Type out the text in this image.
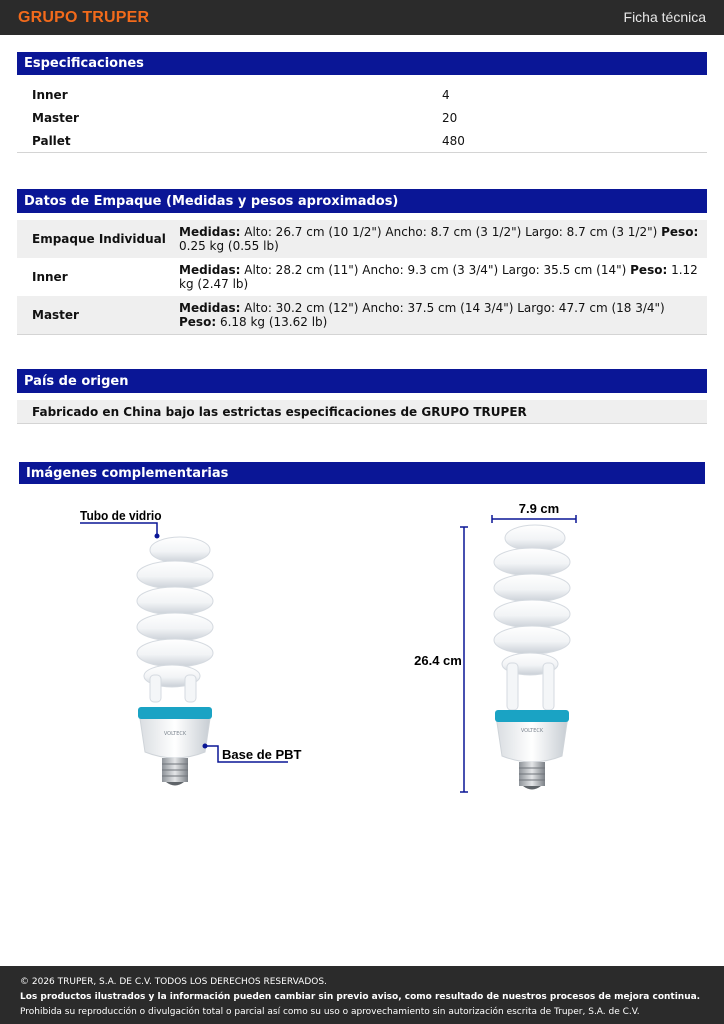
GRUPO TRUPER	Ficha técnica
Especificaciones
Inner	4
Master	20
Pallet	480
Datos de Empaque (Medidas y pesos aproximados)
Empaque Individual	Medidas: Alto: 26.7 cm (10 1/2") Ancho: 8.7 cm (3 1/2") Largo: 8.7 cm (3 1/2") Peso: 0.25 kg (0.55 lb)
Inner	Medidas: Alto: 28.2 cm (11") Ancho: 9.3 cm (3 3/4") Largo: 35.5 cm (14") Peso: 1.12 kg (2.47 lb)
Master	Medidas: Alto: 30.2 cm (12") Ancho: 37.5 cm (14 3/4") Largo: 47.7 cm (18 3/4") Peso: 6.18 kg (13.62 lb)
País de origen
Fabricado en China bajo las estrictas especificaciones de GRUPO TRUPER
Imágenes complementarias
VOLTECK
Tubo de vidrio
Base de PBT
VOLTECK
7.9 cm
26.4 cm
© 2026 TRUPER, S.A. DE C.V. TODOS LOS DERECHOS RESERVADOS.
Los productos ilustrados y la información pueden cambiar sin previo aviso, como resultado de nuestros procesos de mejora continua.
Prohibida su reproducción o divulgación total o parcial así como su uso o aprovechamiento sin autorización escrita de Truper, S.A. de C.V.
